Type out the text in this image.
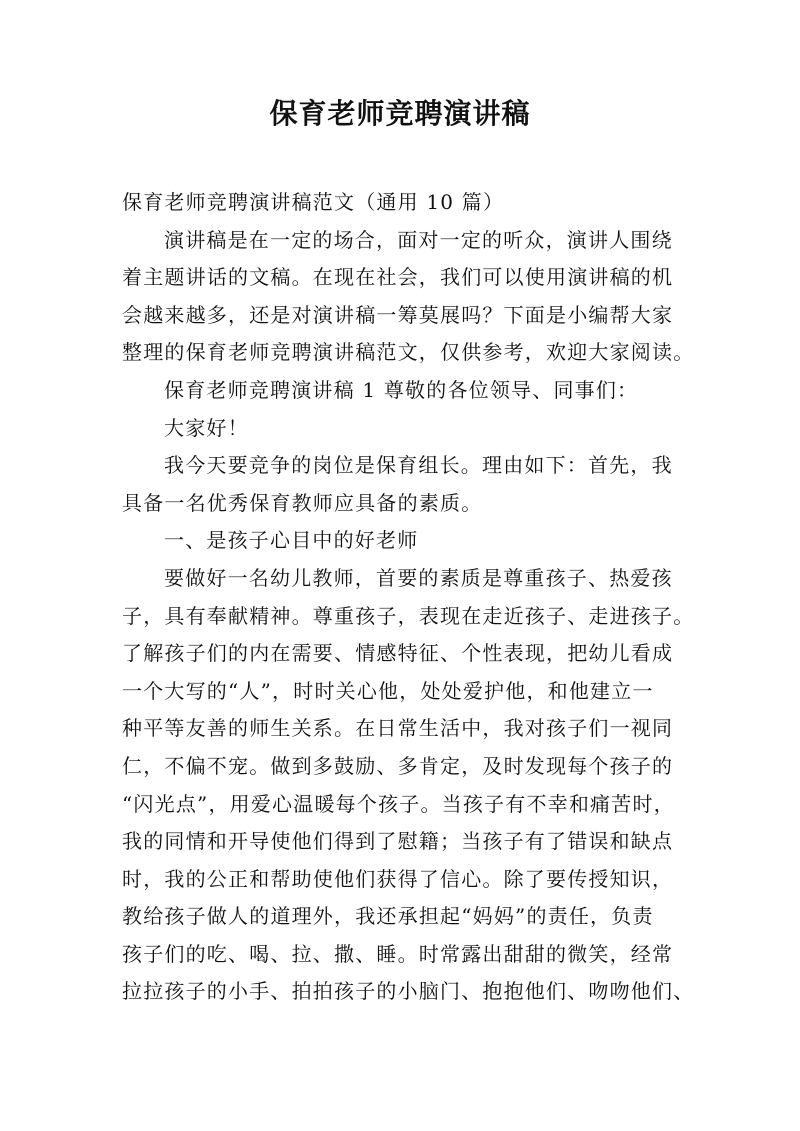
保育老师竞聘演讲稿

保育老师竞聘演讲稿范文（通用 10 篇）

演讲稿是在一定的场合，面对一定的听众，演讲人围绕

着主题讲话的文稿。在现在社会，我们可以使用演讲稿的机

会越来越多，还是对演讲稿一筹莫展吗？下面是小编帮大家

整理的保育老师竞聘演讲稿范文，仅供参考，欢迎大家阅读。

保育老师竞聘演讲稿 1 尊敬的各位领导、同事们：

大家好！

我今天要竞争的岗位是保育组长。理由如下：首先，我

具备一名优秀保育教师应具备的素质。

一、是孩子心目中的好老师

要做好一名幼儿教师，首要的素质是尊重孩子、热爱孩

子，具有奉献精神。尊重孩子，表现在走近孩子、走进孩子。

了解孩子们的内在需要、情感特征、个性表现，把幼儿看成

一个大写的“人”，时时关心他，处处爱护他，和他建立一

种平等友善的师生关系。在日常生活中，我对孩子们一视同

仁，不偏不宠。做到多鼓励、多肯定，及时发现每个孩子的

“闪光点”，用爱心温暖每个孩子。当孩子有不幸和痛苦时，

我的同情和开导使他们得到了慰籍；当孩子有了错误和缺点

时，我的公正和帮助使他们获得了信心。除了要传授知识，

教给孩子做人的道理外，我还承担起“妈妈”的责任，负责

孩子们的吃、喝、拉、撒、睡。时常露出甜甜的微笑，经常

拉拉孩子的小手、拍拍孩子的小脑门、抱抱他们、吻吻他们、
